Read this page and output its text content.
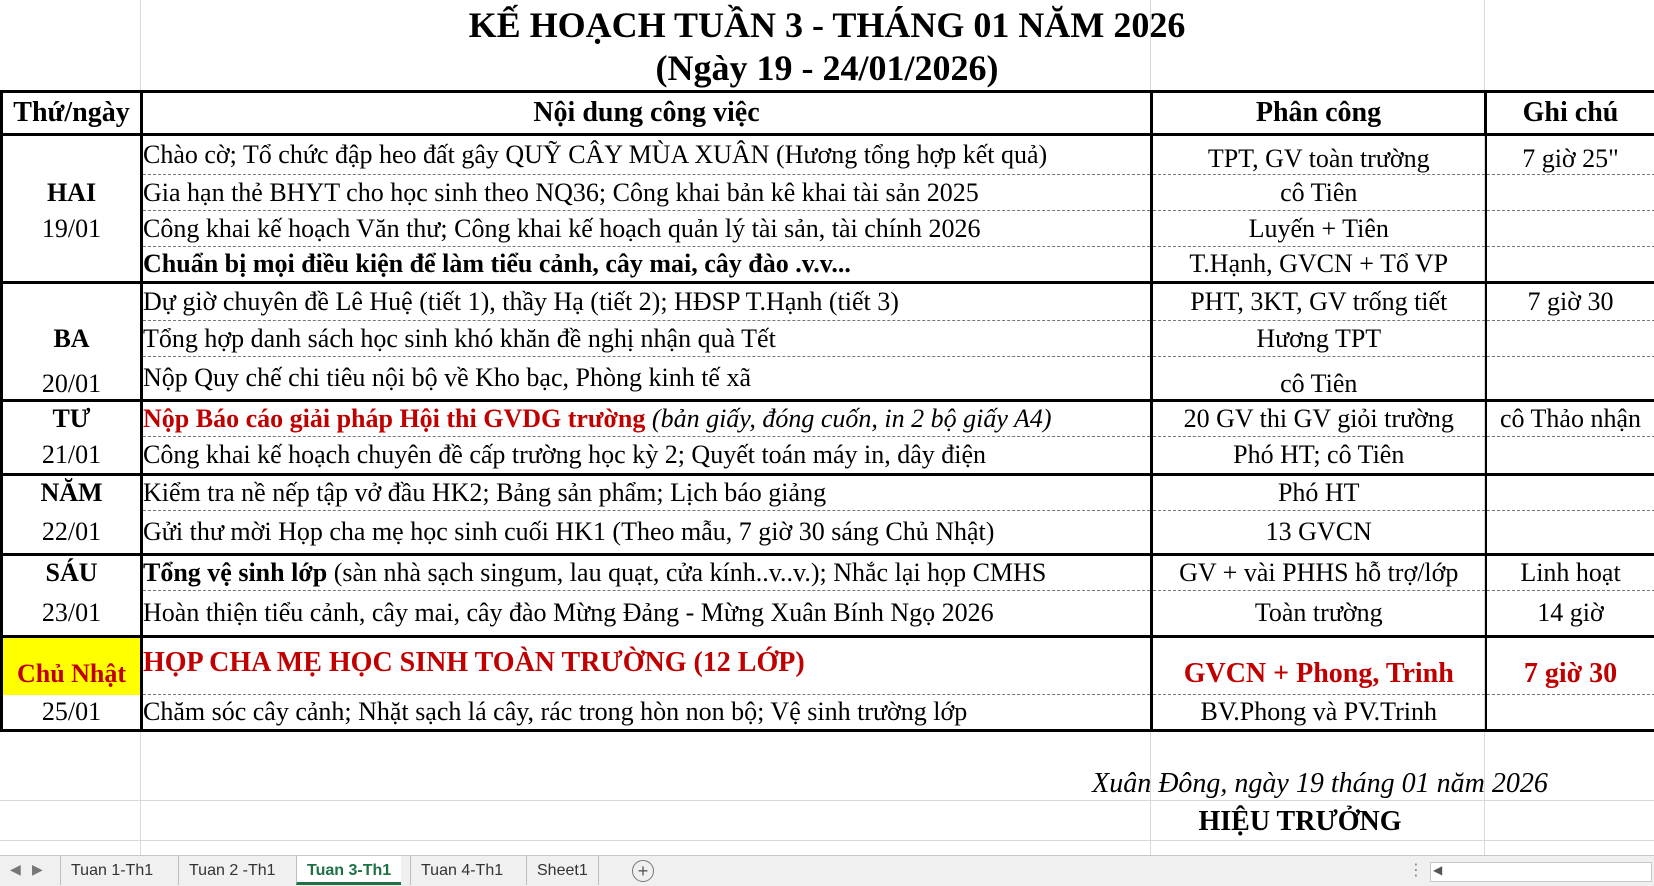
KẾ HOẠCH TUẦN 3 - THÁNG 01 NĂM 2026
(Ngày 19 - 24/01/2026)
Thứ/ngày	Nội dung công việc	Phân công	Ghi chú
	Chào cờ; Tổ chức đập heo đất gây QUỸ CÂY MÙA XUÂN (Hương tổng hợp kết quả)	TPT, GV toàn trường	7 giờ 25"
HAI	Gia hạn thẻ BHYT cho học sinh theo NQ36; Công khai bản kê khai tài sản 2025	cô Tiên	
19/01	Công khai kế hoạch Văn thư; Công khai kế hoạch quản lý tài sản, tài chính 2026	Luyến + Tiên	
	Chuẩn bị mọi điều kiện để làm tiểu cảnh, cây mai, cây đào .v.v...	T.Hạnh, GVCN + Tổ VP	
	Dự giờ chuyên đề Lê Huệ (tiết 1), thầy Hạ (tiết 2); HĐSP T.Hạnh (tiết 3)	PHT, 3KT, GV trống tiết	7 giờ 30
BA	Tổng hợp danh sách học sinh khó khăn đề nghị nhận quà Tết	Hương TPT	
20/01	Nộp Quy chế chi tiêu nội bộ về Kho bạc, Phòng kinh tế xã	cô Tiên	
TƯ	Nộp Báo cáo giải pháp Hội thi GVDG trường (bản giấy, đóng cuốn, in 2 bộ giấy A4)	20 GV thi GV giỏi trường	cô Thảo nhận
21/01	Công khai kế hoạch chuyên đề cấp trường học kỳ 2; Quyết toán máy in, dây điện	Phó HT; cô Tiên	
NĂM	Kiểm tra nề nếp tập vở đầu HK2; Bảng sản phẩm; Lịch báo giảng	Phó HT	
22/01	Gửi thư mời Họp cha mẹ học sinh cuối HK1 (Theo mẫu, 7 giờ 30 sáng Chủ Nhật)	13 GVCN	
SÁU	Tổng vệ sinh lớp (sàn nhà sạch singum, lau quạt, cửa kính..v..v.); Nhắc lại họp CMHS	GV + vài PHHS hỗ trợ/lớp	Linh hoạt
23/01	Hoàn thiện tiểu cảnh, cây mai, cây đào Mừng Đảng - Mừng Xuân Bính Ngọ 2026	Toàn trường	14 giờ
Chủ Nhật	HỌP CHA MẸ HỌC SINH TOÀN TRƯỜNG (12 LỚP)	GVCN + Phong, Trinh	7 giờ 30
25/01	Chăm sóc cây cảnh; Nhặt sạch lá cây, rác trong hòn non bộ; Vệ sinh trường lớp	BV.Phong và PV.Trinh	
Xuân Đông, ngày 19 tháng 01 năm 2026
HIỆU TRƯỞNG
◀ ▶	Tuan 1-Th1	Tuan 2 -Th1	Tuan 3-Th1	Tuan 4-Th1	Sheet1	+	⋮ ◀
